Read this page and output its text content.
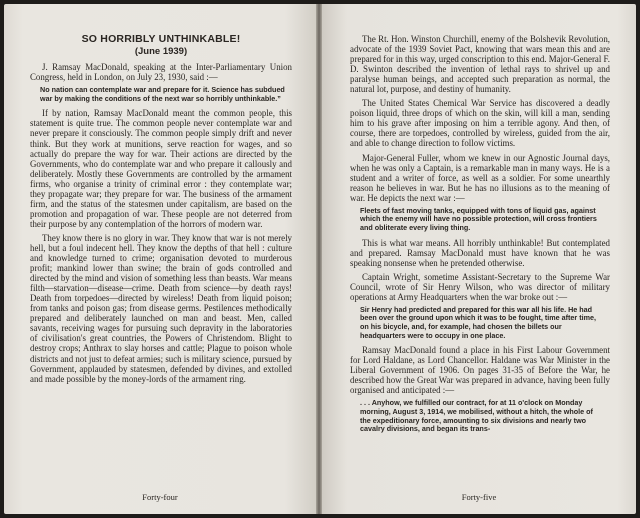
SO HORRIBLY UNTHINKABLE!
(June 1939)

J. Ramsay MacDonald, speaking at the Inter-Parliamentary Union Congress, held in London, on July 23, 1930, said :—

No nation can contemplate war and prepare for it. Science has subdued war by making the conditions of the next war so horribly unthinkable.”

If by nation, Ramsay MacDonald meant the common people, this statement is quite true. The common people never contemplate war and never prepare it consciously. The common people simply drift and never think. But they work at munitions, serve reaction for wages, and so actually do prepare the way for war. Their actions are directed by the Governments, who do contemplate war and who prepare it callously and deliberately. Mostly these Governments are controlled by the armament firms, who organise a trinity of criminal error : they contemplate war; they propagate war; they prepare for war. The business of the armament firm, and the status of the statesmen under capitalism, are based on the promotion and propagation of war. These people are not deterred from their purpose by any contemplation of the horrors of modern war.

They know there is no glory in war. They know that war is not merely hell, but a foul indecent hell. They know the depths of that hell : culture and knowledge turned to crime; organisation devoted to murderous profit; mankind lower than swine; the brain of gods controlled and directed by the mind and vision of something less than beasts. War means filth—starvation—disease—crime. Death from science—by death rays! Death from torpedoes—directed by wireless! Death from liquid poison; from tanks and poison gas; from disease germs. Pestilences methodically prepared and deliberately launched on man and beast. Men, called savants, receiving wages for pursuing such depravity in the laboratories of civilisation's great countries, the Powers of Christendom. Blight to destroy crops; Anthrax to slay horses and cattle; Plague to poison whole districts and not just to defeat armies; such is military science, pursued by Government, applauded by statesmen, defended by divines, and extolled and made possible by the money-lords of the armament ring.

Forty-four

The Rt. Hon. Winston Churchill, enemy of the Bolshevik Revolution, advocate of the 1939 Soviet Pact, knowing that wars mean this and are prepared for in this way, urged conscription to this end. Major-General F. D. Swinton described the invention of lethal rays to shrivel up and paralyse human beings, and accepted such preparation as normal, the natural lot, purpose, and destiny of humanity.

The United States Chemical War Service has discovered a deadly poison liquid, three drops of which on the skin, will kill a man, sending him to his grave after imposing on him a terrible agony. And then, of course, there are torpedoes, controlled by wireless, guided from the air, and able to change direction to follow victims.

Major-General Fuller, whom we knew in our Agnostic Journal days, when he was only a Captain, is a remarkable man in many ways. He is a student and a writer of force, as well as a soldier. For some unearthly reason he believes in war. But he has no illusions as to the meaning of war. He depicts the next war :—

Fleets of fast moving tanks, equipped with tons of liquid gas, against which the enemy will have no possible protection, will cross frontiers and obliterate every living thing.

This is what war means. All horribly unthinkable! But contemplated and prepared. Ramsay MacDonald must have known that he was speaking nonsense when he pretended otherwise.

Captain Wright, sometime Assistant-Secretary to the Supreme War Council, wrote of Sir Henry Wilson, who was director of military operations at Army Headquarters when the war broke out :—

Sir Henry had predicted and prepared for this war all his life. He had been over the ground upon which it was to be fought, time after time, on his bicycle, and, for example, had chosen the billets our headquarters were to occupy in one place.

Ramsay MacDonald found a place in his First Labour Government for Lord Haldane, as Lord Chancellor. Haldane was War Minister in the Liberal Government of 1906. On pages 31-35 of Before the War, he described how the Great War was prepared in advance, having been fully organised and anticipated :—

. . . Anyhow, we fulfilled our contract, for at 11 o'clock on Monday morning, August 3, 1914, we mobilised, without a hitch, the whole of the expeditionary force, amounting to six divisions and nearly two cavalry divisions, and began its trans-
Forty-five
